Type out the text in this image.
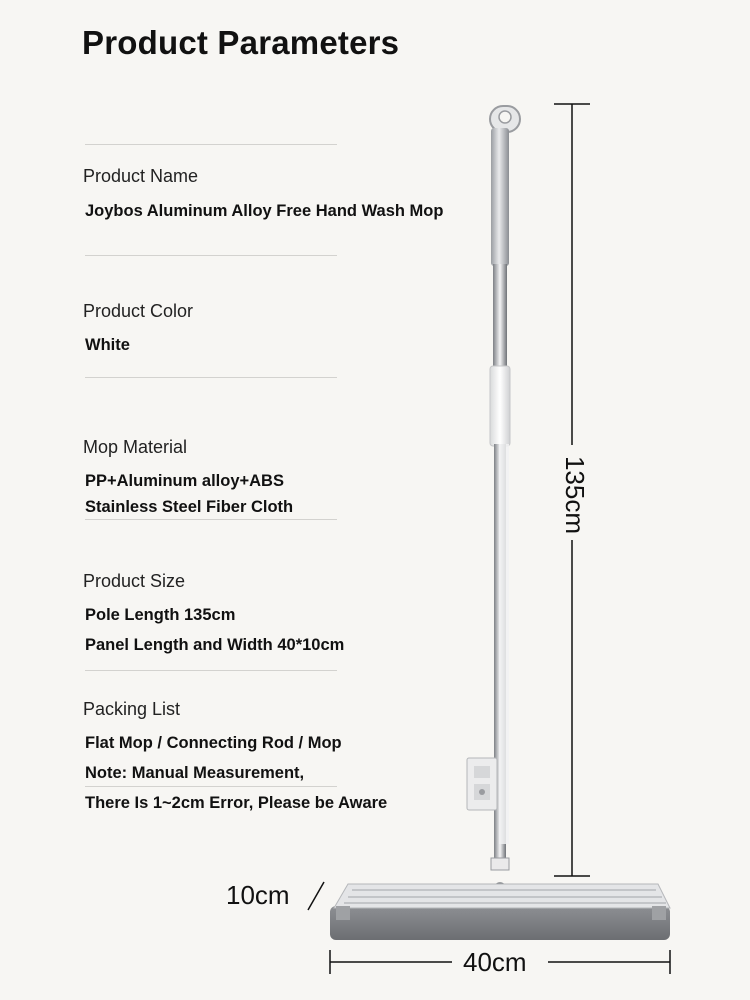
Product Parameters
Product Name
Joybos Aluminum Alloy Free Hand Wash Mop
Product Color
White
Mop Material
PP+Aluminum alloy+ABS
Stainless Steel Fiber Cloth
Product Size
Pole Length 135cm
Panel Length and Width 40*10cm
Packing List
Flat Mop / Connecting Rod / Mop
Note: Manual Measurement,
There Is 1~2cm Error, Please be Aware
135cm
10cm
40cm
